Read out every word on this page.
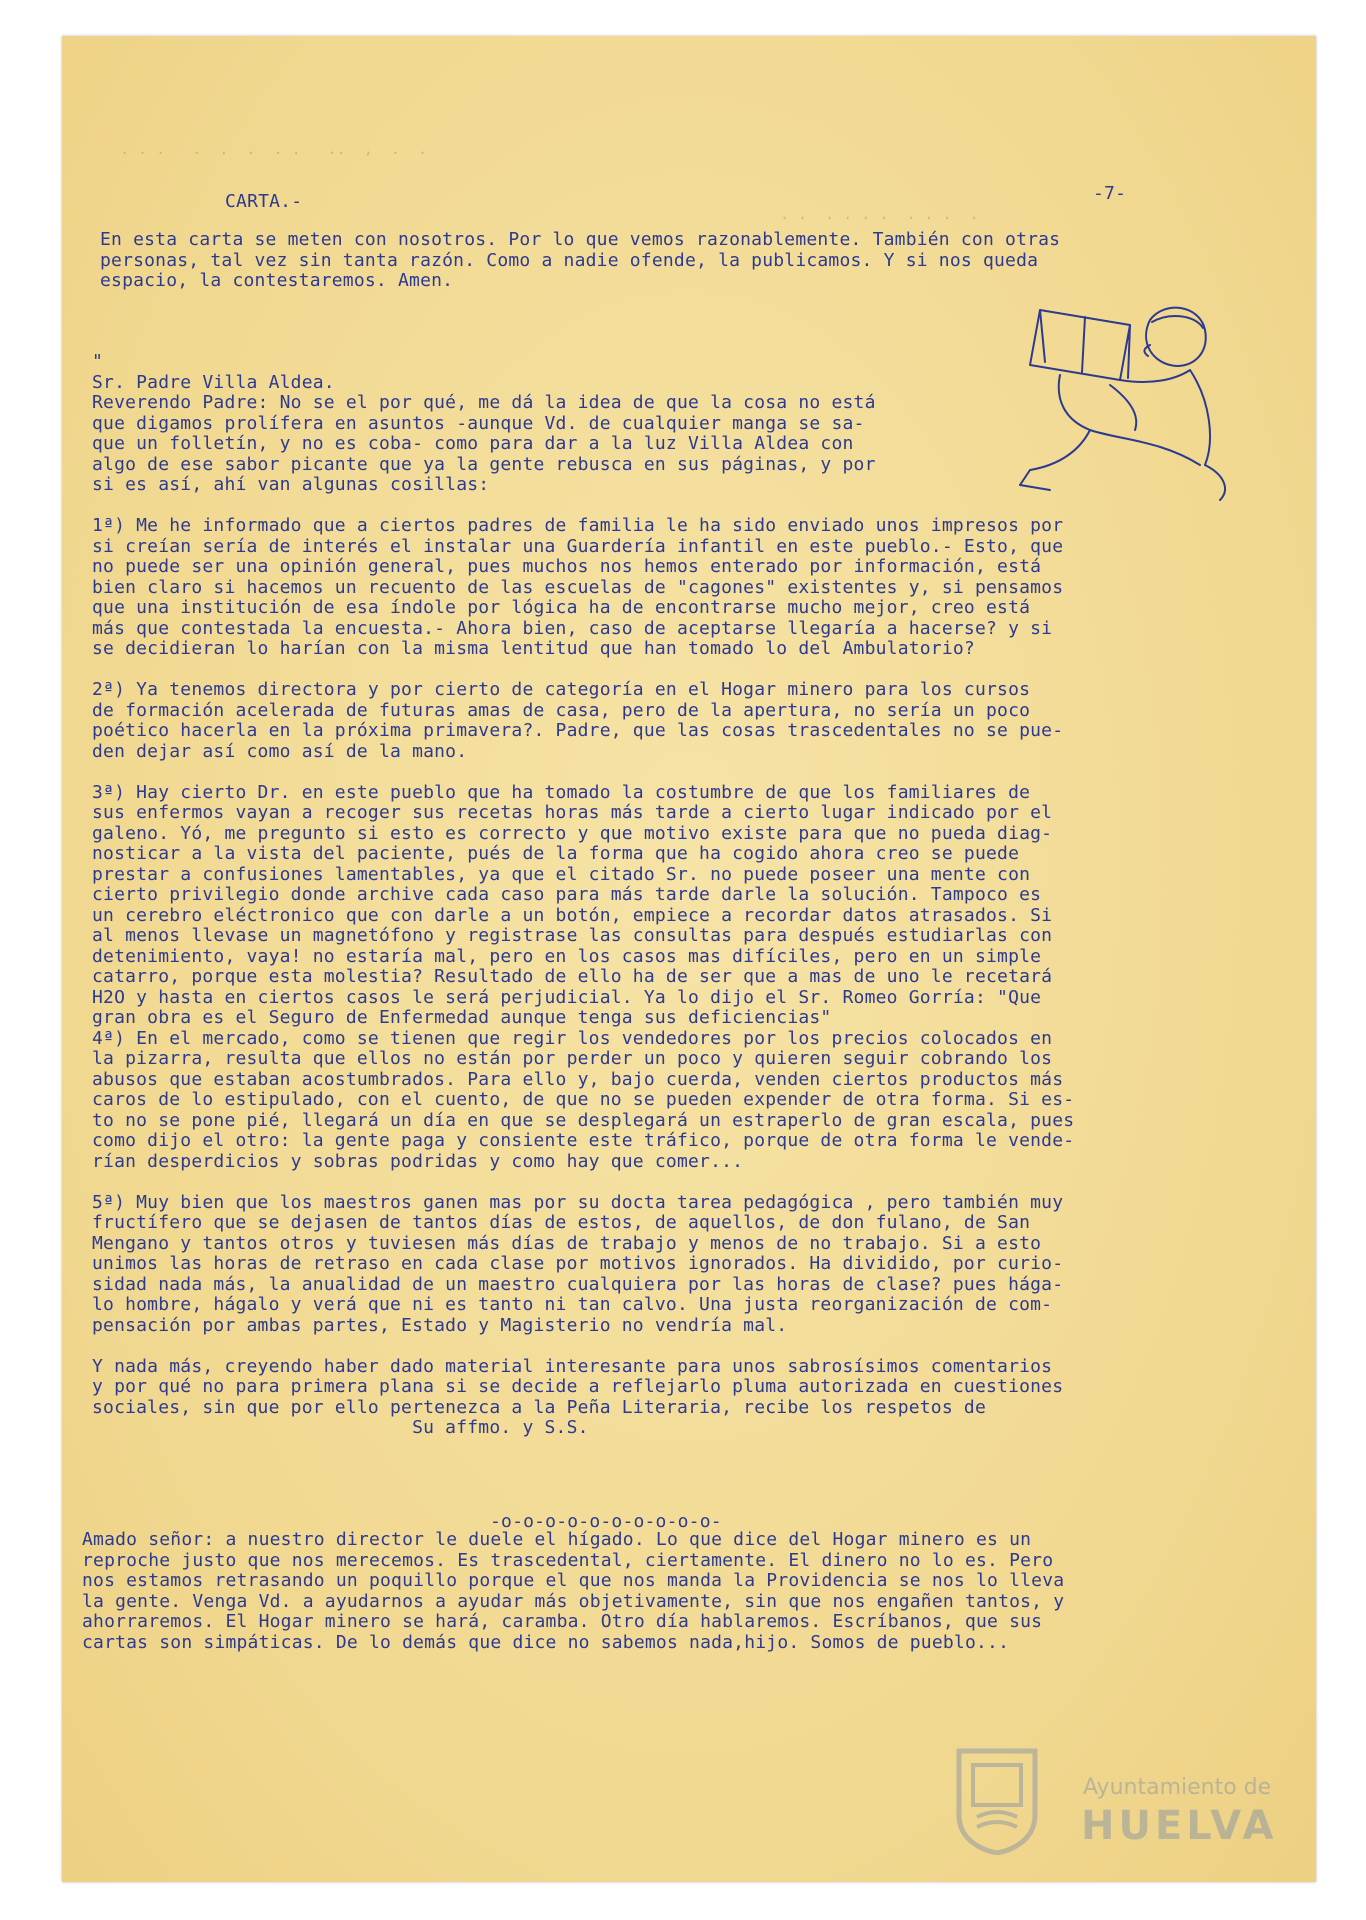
. . .   .  .  .  . .   ..  ,  .  .
. .  . . . .  . . .  .

CARTA.-	-7-

En esta carta se meten con nosotros. Por lo que vemos razonablemente. También con otras
personas, tal vez sin tanta razón. Como a nadie ofende, la publicamos. Y si nos queda
espacio, la contestaremos. Amen.

"
Sr. Padre Villa Aldea.
Reverendo Padre: No se el por qué, me dá la idea de que la cosa no está
que digamos prolífera en asuntos -aunque Vd. de cualquier manga se sa-
que un folletín, y no es coba- como para dar a la luz Villa Aldea con
algo de ese sabor picante que ya la gente rebusca en sus páginas, y por
si es así, ahí van algunas cosillas:

1ª) Me he informado que a ciertos padres de familia le ha sido enviado unos impresos por
si creían sería de interés el instalar una Guardería infantil en este pueblo.- Esto, que
no puede ser una opinión general, pues muchos nos hemos enterado por información, está
bien claro si hacemos un recuento de las escuelas de "cagones" existentes y, si pensamos
que una institución de esa índole por lógica ha de encontrarse mucho mejor, creo está
más que contestada la encuesta.- Ahora bien, caso de aceptarse llegaría a hacerse? y si
se decidieran lo harían con la misma lentitud que han tomado lo del Ambulatorio?

2ª) Ya tenemos directora y por cierto de categoría en el Hogar minero para los cursos
de formación acelerada de futuras amas de casa, pero de la apertura, no sería un poco
poético hacerla en la próxima primavera?. Padre, que las cosas trascedentales no se pue-
den dejar así como así de la mano.

3ª) Hay cierto Dr. en este pueblo que ha tomado la costumbre de que los familiares de
sus enfermos vayan a recoger sus recetas horas más tarde a cierto lugar indicado por el
galeno. Yó, me pregunto si esto es correcto y que motivo existe para que no pueda diag-
nosticar a la vista del paciente, pués de la forma que ha cogido ahora creo se puede
prestar a confusiones lamentables, ya que el citado Sr. no puede poseer una mente con
cierto privilegio donde archive cada caso para más tarde darle la solución. Tampoco es
un cerebro eléctronico que con darle a un botón, empiece a recordar datos atrasados. Si
al menos llevase un magnetófono y registrase las consultas para después estudiarlas con
detenimiento, vaya! no estaría mal, pero en los casos mas difíciles, pero en un simple
catarro, porque esta molestia? Resultado de ello ha de ser que a mas de uno le recetará
H2O y hasta en ciertos casos le será perjudicial. Ya lo dijo el Sr. Romeo Gorría: "Que
gran obra es el Seguro de Enfermedad aunque tenga sus deficiencias"
4ª) En el mercado, como se tienen que regir los vendedores por los precios colocados en
la pizarra, resulta que ellos no están por perder un poco y quieren seguir cobrando los
abusos que estaban acostumbrados. Para ello y, bajo cuerda, venden ciertos productos más
caros de lo estipulado, con el cuento, de que no se pueden expender de otra forma. Si es-
to no se pone pié, llegará un día en que se desplegará un estraperlo de gran escala, pues
como dijo el otro: la gente paga y consiente este tráfico, porque de otra forma le vende-
rían desperdicios y sobras podridas y como hay que comer...

5ª) Muy bien que los maestros ganen mas por su docta tarea pedagógica , pero también muy
fructífero que se dejasen de tantos días de estos, de aquellos, de don fulano, de San
Mengano y tantos otros y tuviesen más días de trabajo y menos de no trabajo. Si a esto
unimos las horas de retraso en cada clase por motivos ignorados. Ha dividido, por curio-
sidad nada más, la anualidad de un maestro cualquiera por las horas de clase? pues hága-
lo hombre, hágalo y verá que ni es tanto ni tan calvo. Una justa reorganización de com-
pensación por ambas partes, Estado y Magisterio no vendría mal.

Y nada más, creyendo haber dado material interesante para unos sabrosísimos comentarios
y por qué no para primera plana si se decide a reflejarlo pluma autorizada en cuestiones
sociales, sin que por ello pertenezca a la Peña Literaria, recibe los respetos de
Su affmo. y S.S.

-o-o-o-o-o-o-o-o-o-o-

Amado señor: a nuestro director le duele el hígado. Lo que dice del Hogar minero es un
reproche justo que nos merecemos. Es trascedental, ciertamente. El dinero no lo es. Pero
nos estamos retrasando un poquillo porque el que nos manda la Providencia se nos lo lleva
la gente. Venga Vd. a ayudarnos a ayudar más objetivamente, sin que nos engañen tantos, y
ahorraremos. El Hogar minero se hará, caramba. Otro día hablaremos. Escríbanos, que sus
cartas son simpáticas. De lo demás que dice no sabemos nada,hijo. Somos de pueblo...

Ayuntamiento de

HUELVA
